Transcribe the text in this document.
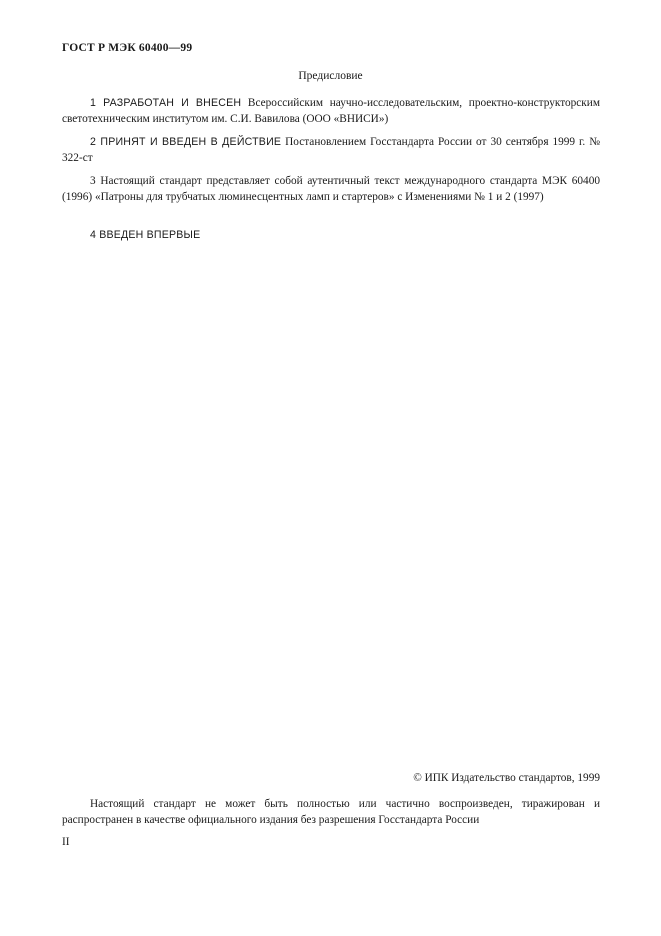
ГОСТ Р МЭК 60400—99
Предисловие
1 РАЗРАБОТАН И ВНЕСЕН Всероссийским научно-исследовательским, проектно-конструкторским светотехническим институтом им. С.И. Вавилова (ООО «ВНИСИ»)
2 ПРИНЯТ И ВВЕДЕН В ДЕЙСТВИЕ Постановлением Госстандарта России от 30 сентября 1999 г. № 322-ст
3 Настоящий стандарт представляет собой аутентичный текст международного стандарта МЭК 60400 (1996) «Патроны для трубчатых люминесцентных ламп и стартеров» с Изменениями № 1 и 2 (1997)
4 ВВЕДЕН ВПЕРВЫЕ
© ИПК Издательство стандартов, 1999
Настоящий стандарт не может быть полностью или частично воспроизведен, тиражирован и распространен в качестве официального издания без разрешения Госстандарта России
II
